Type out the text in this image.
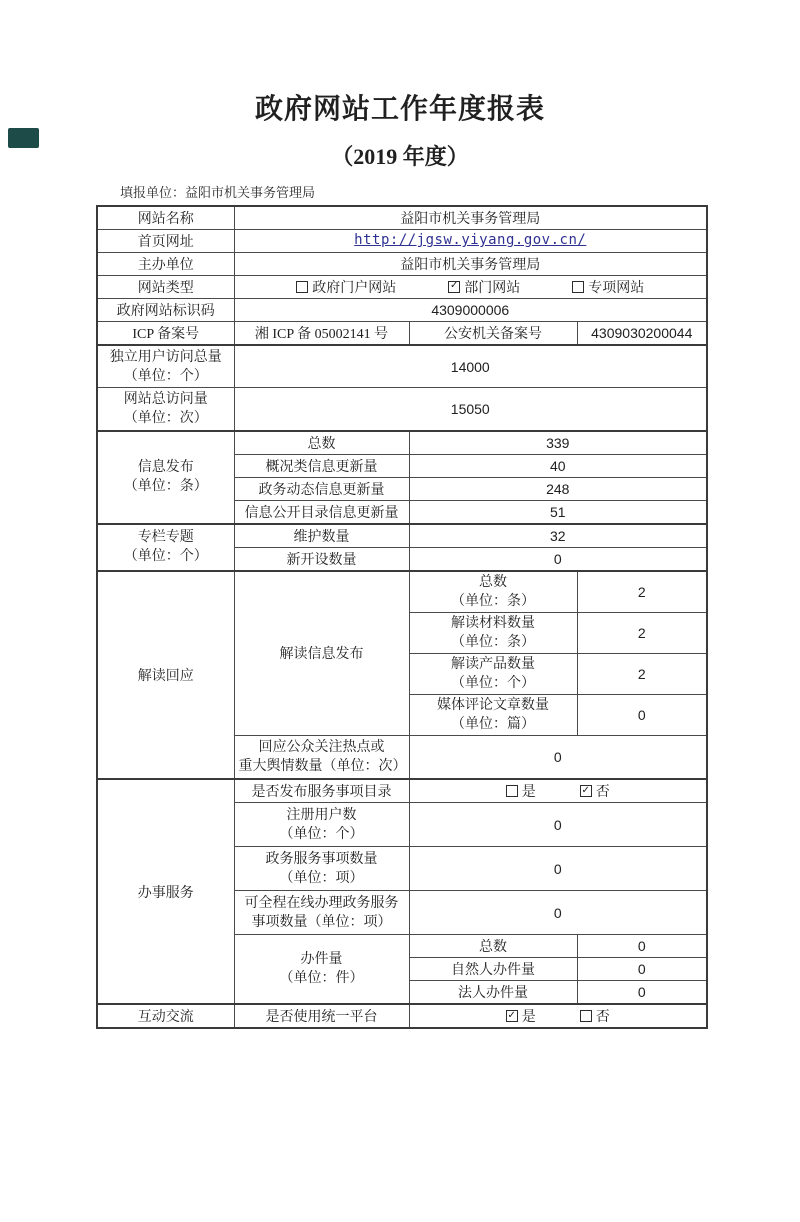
政府网站工作年度报表
（2019 年度）
填报单位：益阳市机关事务管理局
网站名称	益阳市机关事务管理局		
首页网址	http://jgsw.yiyang.gov.cn/		
主办单位	益阳市机关事务管理局		
网站类型	政府门户网站 ✓ 部门网站 专项网站

政府网站标识码	4309000006		
ICP 备案号	湘 ICP 备 05002141 号	公安机关备案号	4309030200044

独立用户访问总量
（单位：个）	14000		

网站总访问量
（单位：次）	15050		

信息发布
（单位：条）	总数	339	
	概况类信息更新量	40	
	政务动态信息更新量	248	
	信息公开目录信息更新量	51	

专栏专题
（单位：个）	维护数量	32	
	新开设数量	0	
解读回应	解读信息发布	总数
（单位：条）	2

		解读材料数量
（单位：条）	2

		解读产品数量
（单位：个）	2

		媒体评论文章数量
（单位：篇）	0

	回应公众关注热点或
重大舆情数量（单位：次）	0	
办事服务	是否发布服务事项目录	是 ✓ 否

	注册用户数
（单位：个）	0	

	政务服务事项数量
（单位：项）	0	

	可全程在线办理政务服务
事项数量（单位：项）	0	

	办件量
（单位：件）	总数	0
		自然人办件量	0
		法人办件量	0
互动交流	是否使用统一平台	
✓是 否
